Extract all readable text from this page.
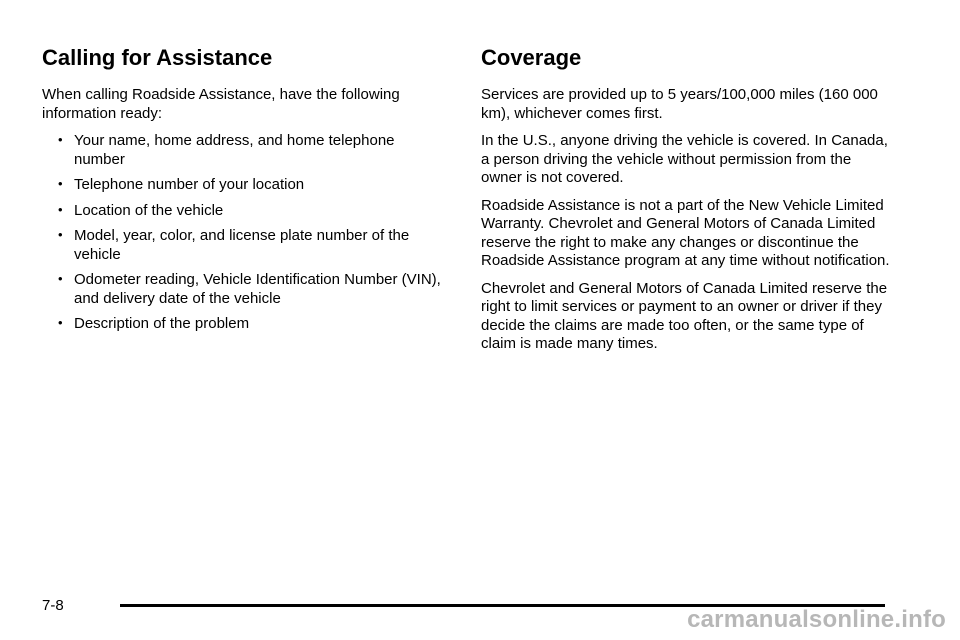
Calling for Assistance

When calling Roadside Assistance, have the following information ready:

• Your name, home address, and home telephone number
• Telephone number of your location
• Location of the vehicle
• Model, year, color, and license plate number of the vehicle
• Odometer reading, Vehicle Identification Number (VIN), and delivery date of the vehicle
• Description of the problem
Coverage

Services are provided up to 5 years/100,000 miles (160 000 km), whichever comes first.

In the U.S., anyone driving the vehicle is covered. In Canada, a person driving the vehicle without permission from the owner is not covered.

Roadside Assistance is not a part of the New Vehicle Limited Warranty. Chevrolet and General Motors of Canada Limited reserve the right to make any changes or discontinue the Roadside Assistance program at any time without notification.

Chevrolet and General Motors of Canada Limited reserve the right to limit services or payment to an owner or driver if they decide the claims are made too often, or the same type of claim is made many times.

7-8
carmanualsonline.info
